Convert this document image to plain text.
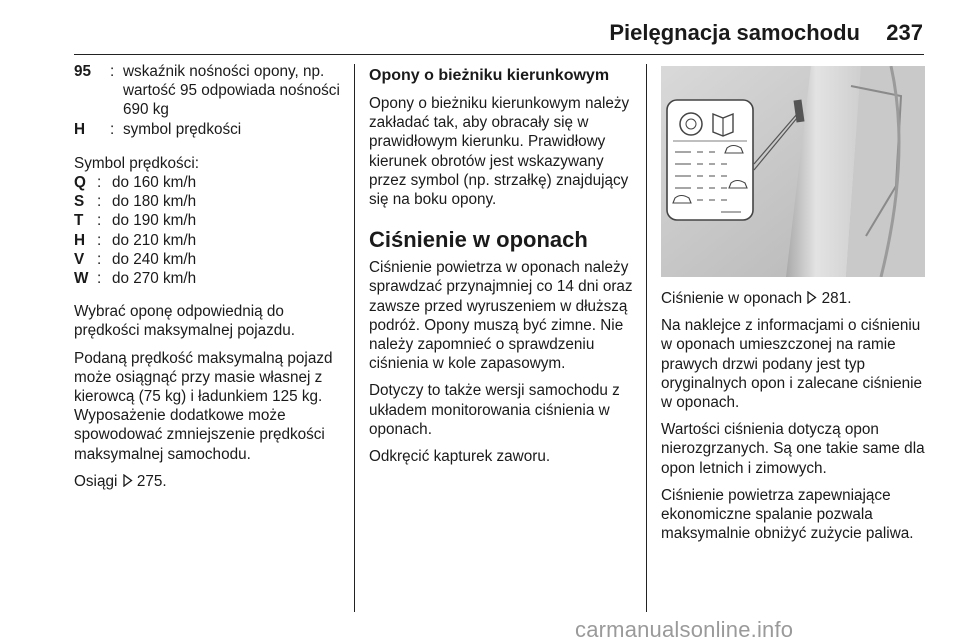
Pielęgnacja samochodu 237
95	: wskaźnik nośności opony, np. wartość 95 odpowiada nośności 690 kg
H	: symbol prędkości

Symbol prędkości:

Q : do 160 km/h
S : do 180 km/h
T : do 190 km/h
H : do 210 km/h
V : do 240 km/h
W : do 270 km/h

Wybrać oponę odpowiednią do prędkości maksymalnej pojazdu.

Podaną prędkość maksymalną pojazd może osiągnąć przy masie własnej z kierowcą (75 kg) i ładunkiem 125 kg. Wyposażenie dodatkowe może spowodować zmniejszenie prędkości maksymalnej samochodu.

Osiągi 275.

Opony o bieżniku kierunkowym

Opony o bieżniku kierunkowym należy zakładać tak, aby obracały się w prawidłowym kierunku. Prawidłowy kierunek obrotów jest wskazywany przez symbol (np. strzałkę) znajdujący się na boku opony.

Ciśnienie w oponach

Ciśnienie powietrza w oponach należy sprawdzać przynajmniej co 14 dni oraz zawsze przed wyruszeniem w dłuższą podróż. Opony muszą być zimne. Nie należy zapomnieć o sprawdzeniu ciśnienia w kole zapasowym.

Dotyczy to także wersji samochodu z układem monitorowania ciśnienia w oponach.

Odkręcić kapturek zaworu.

Ciśnienie w oponach 281.

Na naklejce z informacjami o ciśnieniu w oponach umieszczonej na ramie prawych drzwi podany jest typ oryginalnych opon i zalecane ciśnienie w oponach.

Wartości ciśnienia dotyczą opon nierozgrzanych. Są one takie same dla opon letnich i zimowych.

Ciśnienie powietrza zapewniające ekonomiczne spalanie pozwala maksymalnie obniżyć zużycie paliwa.

carmanualsonline.info
